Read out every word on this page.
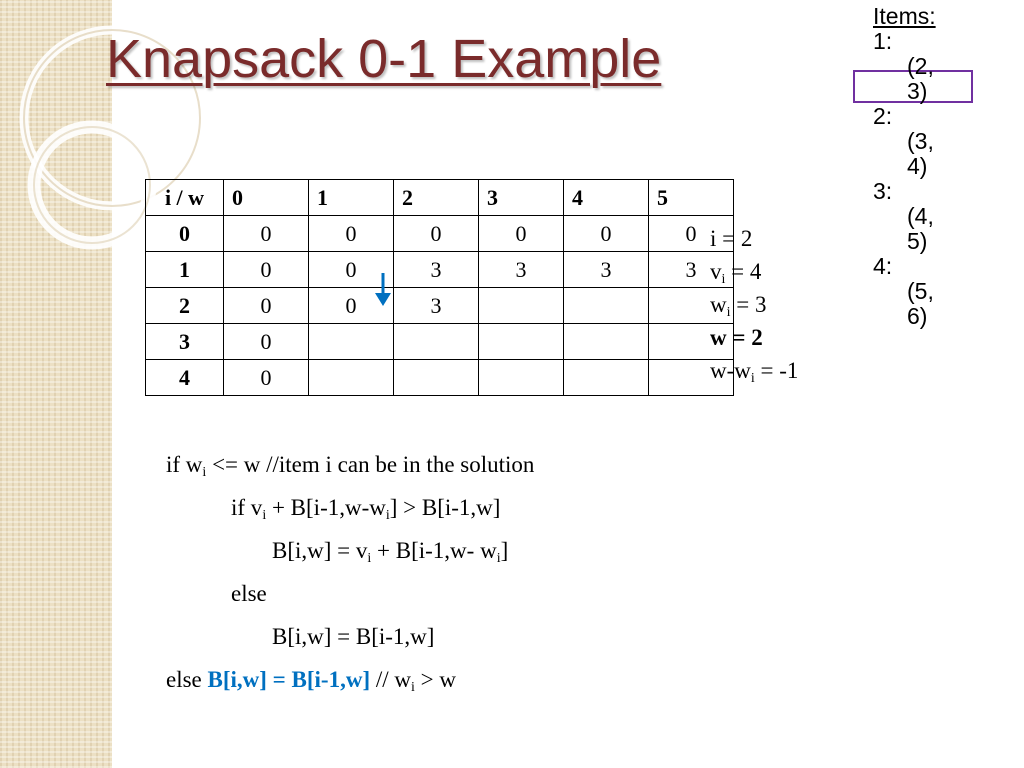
Knapsack 0-1 Example
Items:
1:
(2,3)
2:
(3,4)
3:
(4,5)
4:
(5,6)
i / w	0	1	2	3	4	5
0	0	0	0	0	0	0
1	0	0	3	3	3	3
2	0	0	3			
3	0					
4	0					
i = 2
$v_i = 4$
$w_i = 3$
w = 2
$w-w_i = -1$
if $w_i <= w$ //item i can be in the solution
if $v_i + B[i-1,w-w_i] > B[i-1,w]$
$B[i,w] = v_i + B[i-1,w-$ $w_i$]
else
B[i,w] = B[i-1,w]
else $B[i,w] = B[i-1,w] // w_i > w$
